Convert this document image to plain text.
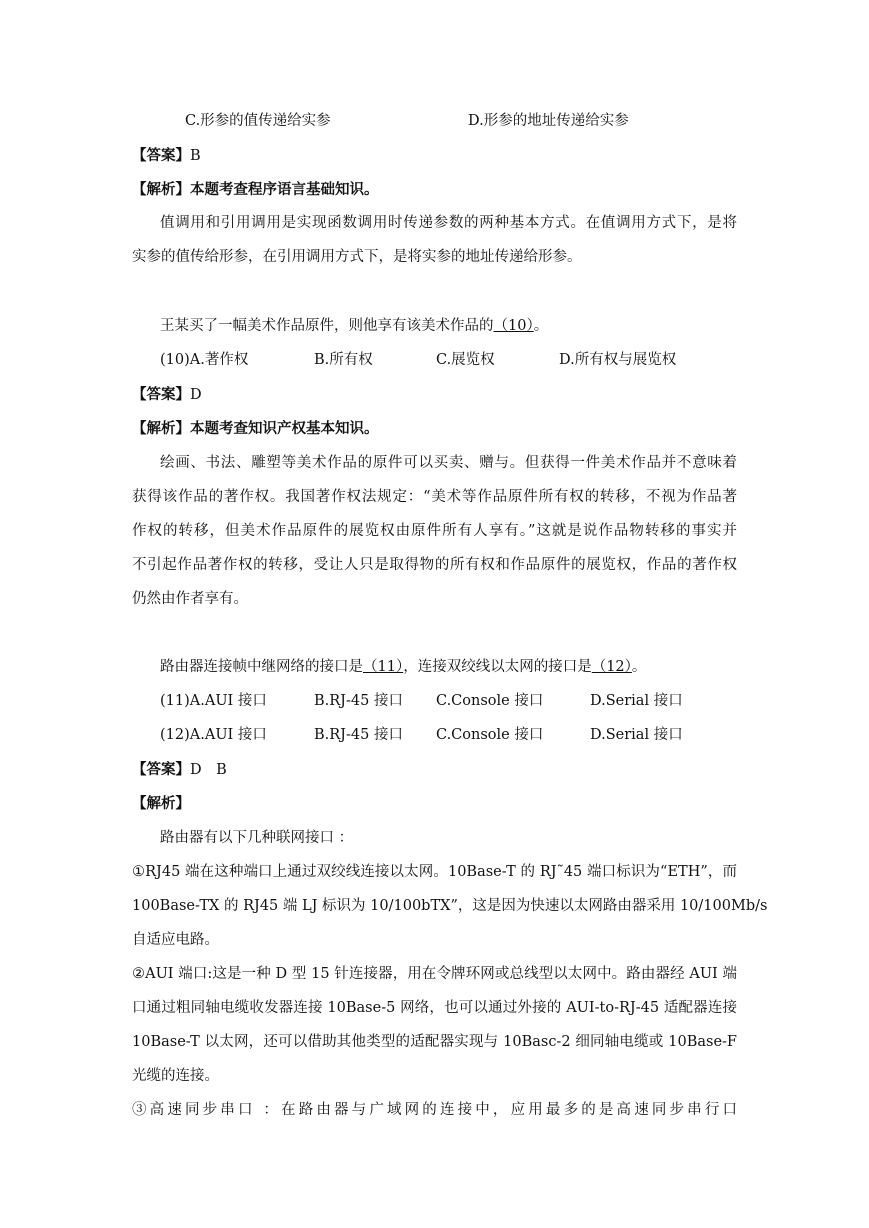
C.形参的值传递给实参	D.形参的地址传递给实参
【答案】B
【解析】本题考查程序语言基础知识。
值调用和引用调用是实现函数调用时传递参数的两种基本方式。在值调用方式下，是将
实参的值传给形参，在引用调用方式下，是将实参的地址传递给形参。
王某买了一幅美术作品原件，则他享有该美术作品的（10）。
(10)A.著作权	B.所有权	C.展览权	D.所有权与展览权
【答案】D
【解析】本题考查知识产权基本知识。
绘画、书法、雕塑等美术作品的原件可以买卖、赠与。但获得一件美术作品并不意味着
获得该作品的著作权。我国著作权法规定：“美术等作品原件所有权的转移，不视为作品著
作权的转移，但美术作品原件的展览权由原件所有人享有。”这就是说作品物转移的事实并
不引起作品著作权的转移，受让人只是取得物的所有权和作品原件的展览权，作品的著作权
仍然由作者享有。
路由器连接帧中继网络的接口是（11），连接双绞线以太网的接口是（12）。
(11)A.AUI 接口	B.RJ-45 接口 C.Console 接口	D.Serial 接口
(12)A.AUI 接口	B.RJ-45 接口 C.Console 接口	D.Serial 接口
【答案】D　B
【解析】
路由器有以下几种联网接口 ：
①RJ45 端在这种端口上通过双绞线连接以太网。10Base-T 的 RJ˜45 端口标识为“ETH”，而
100Base-TX 的 RJ45 端 LJ 标识为 10/100bTX”，这是因为快速以太网路由器采用 10/100Mb/s
自适应电路。
②AUI 端口:这是一种 D 型 15 针连接器，用在令牌环网或总线型以太网中。路由器经 AUI 端
口通过粗同轴电缆收发器连接 10Base-5 网络，也可以通过外接的 AUI-to-RJ-45 适配器连接
10Base-T 以太网，还可以借助其他类型的适配器实现与 10Basc-2 细同轴电缆或 10Base-F
光缆的连接。
③高速同步串口 ：在路由器与广域网的连接中，应用最多的是高速同步串行口
